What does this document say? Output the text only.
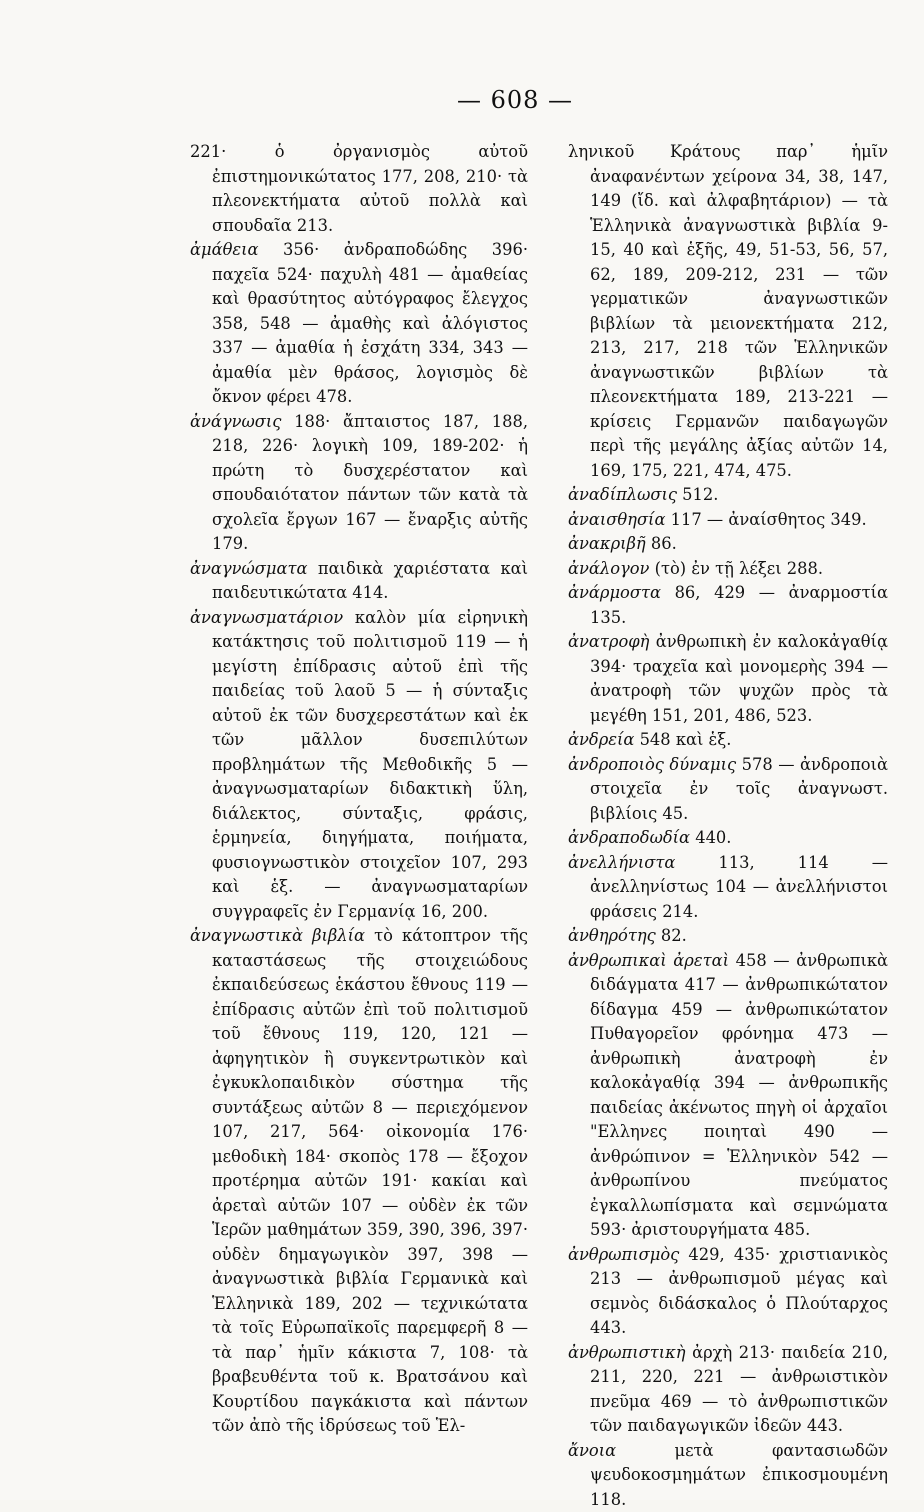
— 608 —

221· ὁ ὀργανισμὸς αὐτοῦ ἐπιστημονικώτατος 177, 208, 210· τὰ πλεονεκτήματα αὐτοῦ πολλὰ καὶ σπουδαῖα 213.

ἀμάθεια 356· ἀνδραποδώδης 396· παχεῖα 524· παχυλὴ 481 — ἀμαθείας καὶ θρασύτητος αὐτόγραφος ἔλεγχος 358, 548 — ἀμαθὴς καὶ ἀλόγιστος 337 — ἀμαθία ἡ ἐσχάτη 334, 343 — ἀμαθία μὲν θράσος, λογισμὸς δὲ ὄκνον φέρει 478.

ἀνάγνωσις 188· ἄπταιστος 187, 188, 218, 226· λογικὴ 109, 189-202· ἡ πρώτη τὸ δυσχερέστατον καὶ σπουδαιότατον πάντων τῶν κατὰ τὰ σχολεῖα ἔργων 167 — ἔναρξις αὐτῆς 179.

ἀναγνώσματα παιδικὰ χαριέστατα καὶ παιδευτικώτατα 414.

ἀναγνωσματάριον καλὸν μία εἰρηνικὴ κατάκτησις τοῦ πολιτισμοῦ 119 — ἡ μεγίστη ἐπίδρασις αὐτοῦ ἐπὶ τῆς παιδείας τοῦ λαοῦ 5 — ἡ σύνταξις αὐτοῦ ἐκ τῶν δυσχερεστάτων καὶ ἐκ τῶν μᾶλλον δυσεπιλύτων προβλημάτων τῆς Μεθοδικῆς 5 — ἀναγνωσματαρίων διδακτικὴ ὕλη, διάλεκτος, σύνταξις, φράσις, ἑρμηνεία, διηγήματα, ποιήματα, φυσιογνωστικὸν στοιχεῖον 107, 293 καὶ ἑξ. — ἀναγνωσματαρίων συγγραφεῖς ἐν Γερμανίᾳ 16, 200.

ἀναγνωστικὰ βιβλία τὸ κάτοπτρον τῆς καταστάσεως τῆς στοιχειώδους ἐκπαιδεύσεως ἑκάστου ἔθνους 119 — ἐπίδρασις αὐτῶν ἐπὶ τοῦ πολιτισμοῦ τοῦ ἔθνους 119, 120, 121 — ἀφηγητικὸν ἢ συγκεντρωτικὸν καὶ ἐγκυκλοπαιδικὸν σύστημα τῆς συντάξεως αὐτῶν 8 — περιεχόμενον 107, 217, 564· οἰκονομία 176· μεθοδικὴ 184· σκοπὸς 178 — ἔξοχον προτέρημα αὐτῶν 191· κακίαι καὶ ἀρεταὶ αὐτῶν 107 — οὐδὲν ἐκ τῶν Ἱερῶν μαθημάτων 359, 390, 396, 397· οὐδὲν δημαγωγικὸν 397, 398 — ἀναγνωστικὰ βιβλία Γερμανικὰ καὶ Ἑλληνικὰ 189, 202 — τεχνικώτατα τὰ τοῖς Εὐρωπαϊκοῖς παρεμφερῆ 8 — τὰ παρ᾽ ἡμῖν κάκιστα 7, 108· τὰ βραβευθέντα τοῦ κ. Βρατσάνου καὶ Κουρτίδου παγκάκιστα καὶ πάντων τῶν ἀπὸ τῆς ἱδρύσεως τοῦ Ἑλ-

ληνικοῦ Κράτους παρ᾽ ἡμῖν ἀναφανέντων χείρονα 34, 38, 147, 149 (ἴδ. καὶ ἀλφαβητάριον) — τὰ Ἑλληνικὰ ἀναγνωστικὰ βιβλία 9-15, 40 καὶ ἑξῆς, 49, 51-53, 56, 57, 62, 189, 209-212, 231 — τῶν γερματικῶν ἀναγνωστικῶν βιβλίων τὰ μειονεκτήματα 212, 213, 217, 218 τῶν Ἑλληνικῶν ἀναγνωστικῶν βιβλίων τὰ πλεονεκτήματα 189, 213-221 — κρίσεις Γερμανῶν παιδαγωγῶν περὶ τῆς μεγάλης ἀξίας αὐτῶν 14, 169, 175, 221, 474, 475.

ἀναδίπλωσις 512.

ἀναισθησία 117 — ἀναίσθητος 349.

ἀνακριβῆ 86.

ἀνάλογον (τὸ) ἐν τῇ λέξει 288.

ἀνάρμοστα 86, 429 — ἀναρμοστία 135.

ἀνατροφὴ ἀνθρωπικὴ ἐν καλοκἀγαθίᾳ 394· τραχεῖα καὶ μονομερὴς 394 — ἀνατροφὴ τῶν ψυχῶν πρὸς τὰ μεγέθη 151, 201, 486, 523.

ἀνδρεία 548 καὶ ἑξ.

ἀνδροποιὸς δύναμις 578 — ἀνδροποιὰ στοιχεῖα ἐν τοῖς ἀναγνωστ. βιβλίοις 45.

ἀνδραποδωδία 440.

ἀνελλήνιστα 113, 114 — ἀνελληνίστως 104 — ἀνελλήνιστοι φράσεις 214.

ἀνθηρότης 82.

ἀνθρωπικαὶ ἀρεταὶ 458 — ἀνθρωπικὰ διδάγματα 417 — ἀνθρωπικώτατον δίδαγμα 459 — ἀνθρωπικώτατον Πυθαγορεῖον φρόνημα 473 — ἀνθρωπικὴ ἀνατροφὴ ἐν καλοκἀγαθίᾳ 394 — ἀνθρωπικῆς παιδείας ἀκένωτος πηγὴ οἱ ἀρχαῖοι "Ελληνες ποιηταὶ 490 — ἀνθρώπινον = Ἑλληνικὸν 542 — ἀνθρωπίνου πνεύματος ἐγκαλλωπίσματα καὶ σεμνώματα 593· ἀριστουργήματα 485.

ἀνθρωπισμὸς 429, 435· χριστιανικὸς 213 — ἀνθρωπισμοῦ μέγας καὶ σεμνὸς διδάσκαλος ὁ Πλούταρχος 443.

ἀνθρωπιστικὴ ἀρχὴ 213· παιδεία 210, 211, 220, 221 — ἀνθρωιστικὸν πνεῦμα 469 — τὸ ἀνθρωπιστικῶν τῶν παιδαγωγικῶν ἰδεῶν 443.

ἄνοια μετὰ φαντασιωδῶν ψευδοκοσμημάτων ἐπικοσμουμένη 118.
